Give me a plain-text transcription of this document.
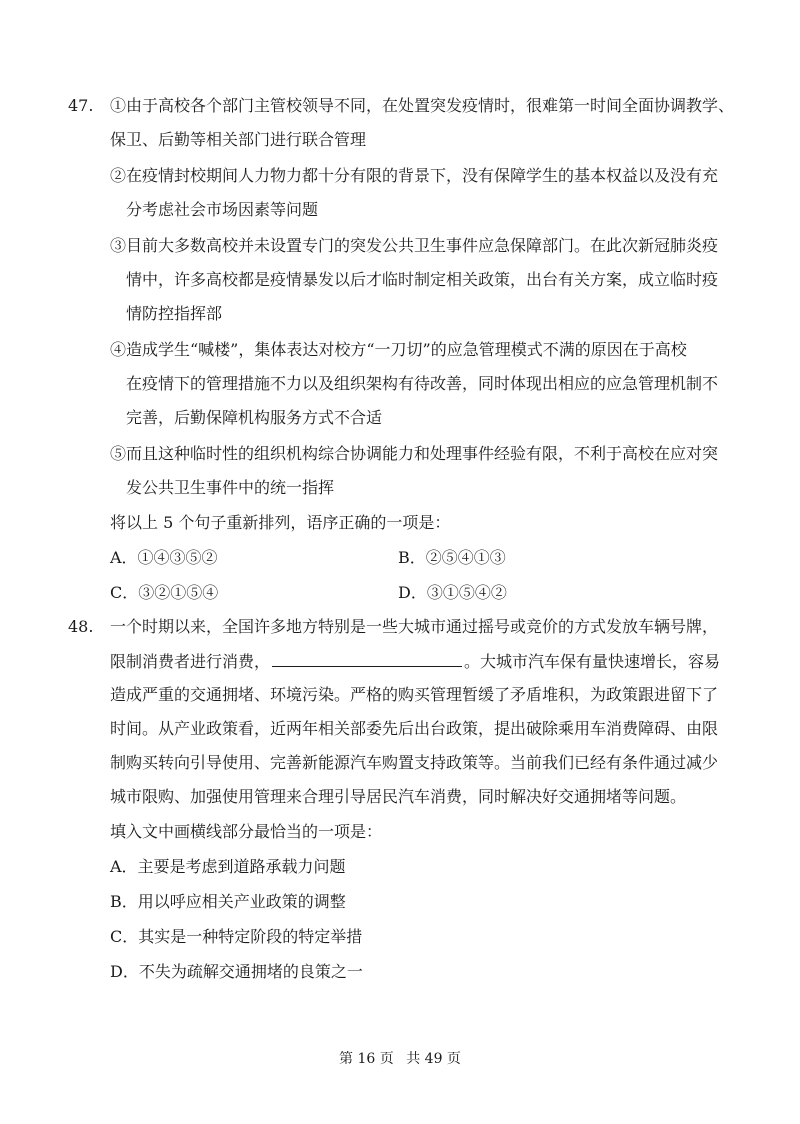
47. ①由于高校各个部门主管校领导不同，在处置突发疫情时，很难第一时间全面协调教学、
保卫、后勤等相关部门进行联合管理
②在疫情封校期间人力物力都十分有限的背景下，没有保障学生的基本权益以及没有充
分考虑社会市场因素等问题
③目前大多数高校并未设置专门的突发公共卫生事件应急保障部门。在此次新冠肺炎疫
情中，许多高校都是疫情暴发以后才临时制定相关政策，出台有关方案，成立临时疫
情防控指挥部
④造成学生“喊楼”，集体表达对校方“一刀切”的应急管理模式不满的原因在于高校
在疫情下的管理措施不力以及组织架构有待改善，同时体现出相应的应急管理机制不
完善，后勤保障机构服务方式不合适
⑤而且这种临时性的组织机构综合协调能力和处理事件经验有限，不利于高校在应对突
发公共卫生事件中的统一指挥
将以上 5 个句子重新排列，语序正确的一项是：
A．①④③⑤②	B．②⑤④①③
C．③②①⑤④	D．③①⑤④②
48. 一个时期以来，全国许多地方特别是一些大城市通过摇号或竞价的方式发放车辆号牌，
限制消费者进行消费，	。大城市汽车保有量快速增长，容易
造成严重的交通拥堵、环境污染。严格的购买管理暂缓了矛盾堆积，为政策跟进留下了
时间。从产业政策看，近两年相关部委先后出台政策，提出破除乘用车消费障碍、由限
制购买转向引导使用、完善新能源汽车购置支持政策等。当前我们已经有条件通过减少
城市限购、加强使用管理来合理引导居民汽车消费，同时解决好交通拥堵等问题。
填入文中画横线部分最恰当的一项是：
A．主要是考虑到道路承载力问题
B．用以呼应相关产业政策的调整
C．其实是一种特定阶段的特定举措
D．不失为疏解交通拥堵的良策之一
第 16 页 共 49 页
